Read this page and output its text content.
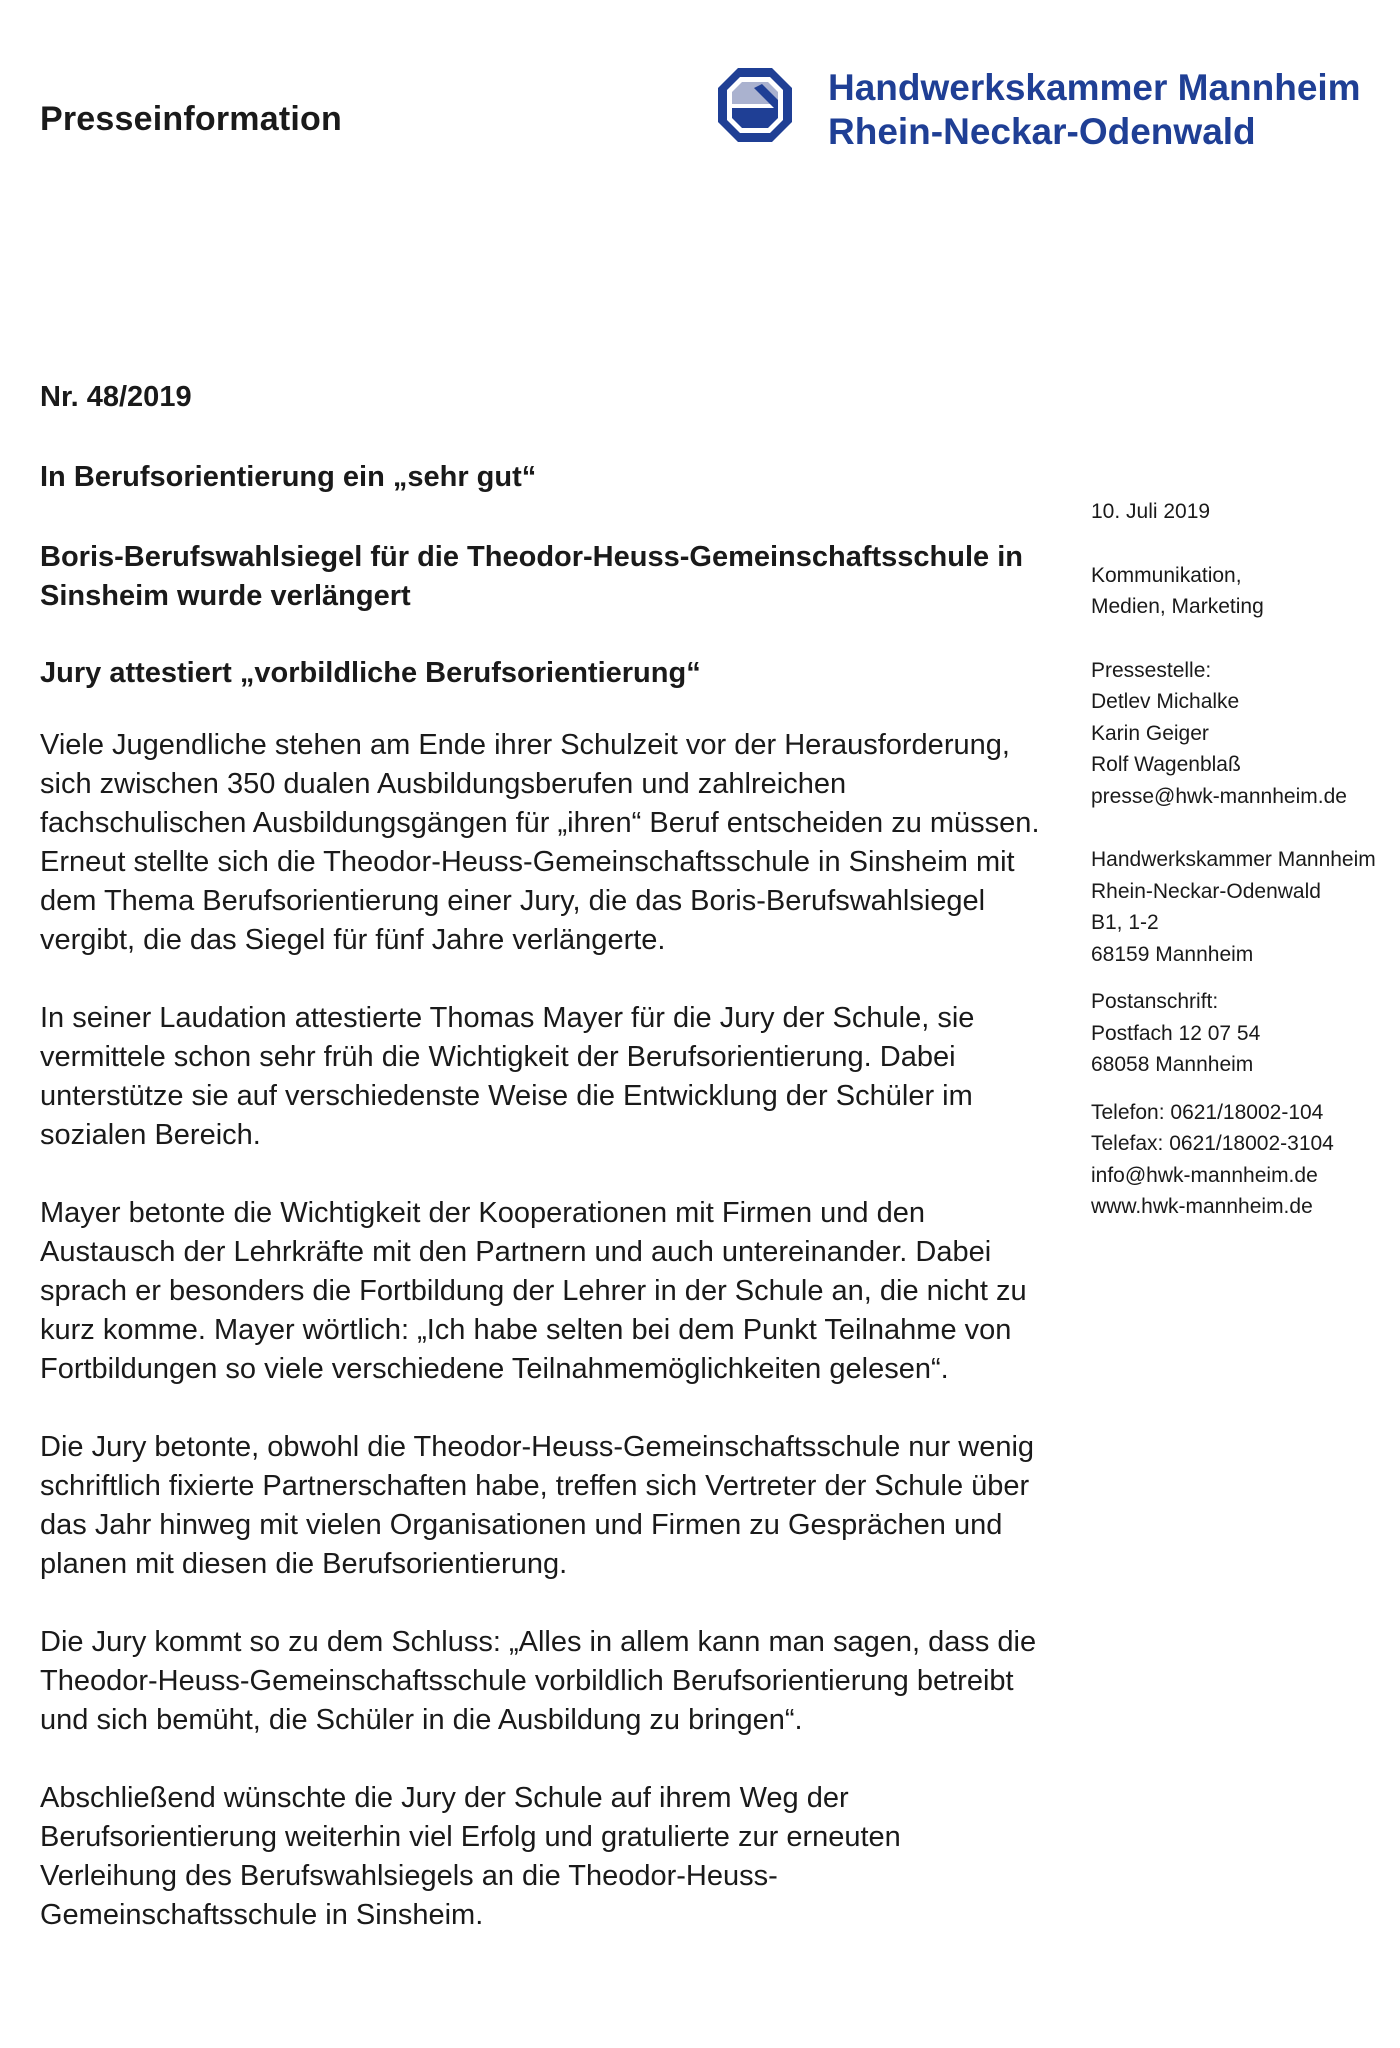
Presseinformation
Handwerkskammer Mannheim
Rhein-Neckar-Odenwald
Nr. 48/2019
In Berufsorientierung ein „sehr gut“
Boris-Berufswahlsiegel für die Theodor-Heuss-Gemeinschaftsschule in Sinsheim wurde verlängert
Jury attestiert „vorbildliche Berufsorientierung“

Viele Jugendliche stehen am Ende ihrer Schulzeit vor der Herausforderung, sich zwischen 350 dualen Ausbildungsberufen und zahlreichen fachschulischen Ausbildungsgängen für „ihren“ Beruf entscheiden zu müssen. Erneut stellte sich die Theodor-Heuss-Gemeinschaftsschule in Sinsheim mit dem Thema Berufsorientierung einer Jury, die das Boris-Berufswahlsiegel vergibt, die das Siegel für fünf Jahre verlängerte.

In seiner Laudation attestierte Thomas Mayer für die Jury der Schule, sie vermittele schon sehr früh die Wichtigkeit der Berufsorientierung. Dabei unterstütze sie auf verschiedenste Weise die Entwicklung der Schüler im sozialen Bereich.

Mayer betonte die Wichtigkeit der Kooperationen mit Firmen und den Austausch der Lehrkräfte mit den Partnern und auch untereinander. Dabei sprach er besonders die Fortbildung der Lehrer in der Schule an, die nicht zu kurz komme. Mayer wörtlich: „Ich habe selten bei dem Punkt Teilnahme von Fortbildungen so viele verschiedene Teilnahmemöglichkeiten gelesen“.

Die Jury betonte, obwohl die Theodor-Heuss-Gemeinschaftsschule nur wenig schriftlich fixierte Partnerschaften habe, treffen sich Vertreter der Schule über das Jahr hinweg mit vielen Organisationen und Firmen zu Gesprächen und planen mit diesen die Berufsorientierung.

Die Jury kommt so zu dem Schluss: „Alles in allem kann man sagen, dass die Theodor-Heuss-Gemeinschaftsschule vorbildlich Berufsorientierung betreibt und sich bemüht, die Schüler in die Ausbildung zu bringen“.

Abschließend wünschte die Jury der Schule auf ihrem Weg der Berufsorientierung weiterhin viel Erfolg und gratulierte zur erneuten Verleihung des Berufswahlsiegels an die Theodor-Heuss-Gemeinschaftsschule in Sinsheim.

10. Juli 2019
Kommunikation,
Medien, Marketing
Pressestelle:
Detlev Michalke
Karin Geiger
Rolf Wagenblaß
presse@hwk-mannheim.de
Handwerkskammer Mannheim
Rhein-Neckar-Odenwald
B1, 1-2
68159 Mannheim
Postanschrift:
Postfach 12 07 54
68058 Mannheim
Telefon: 0621/18002-104
Telefax: 0621/18002-3104
info@hwk-mannheim.de
www.hwk-mannheim.de
